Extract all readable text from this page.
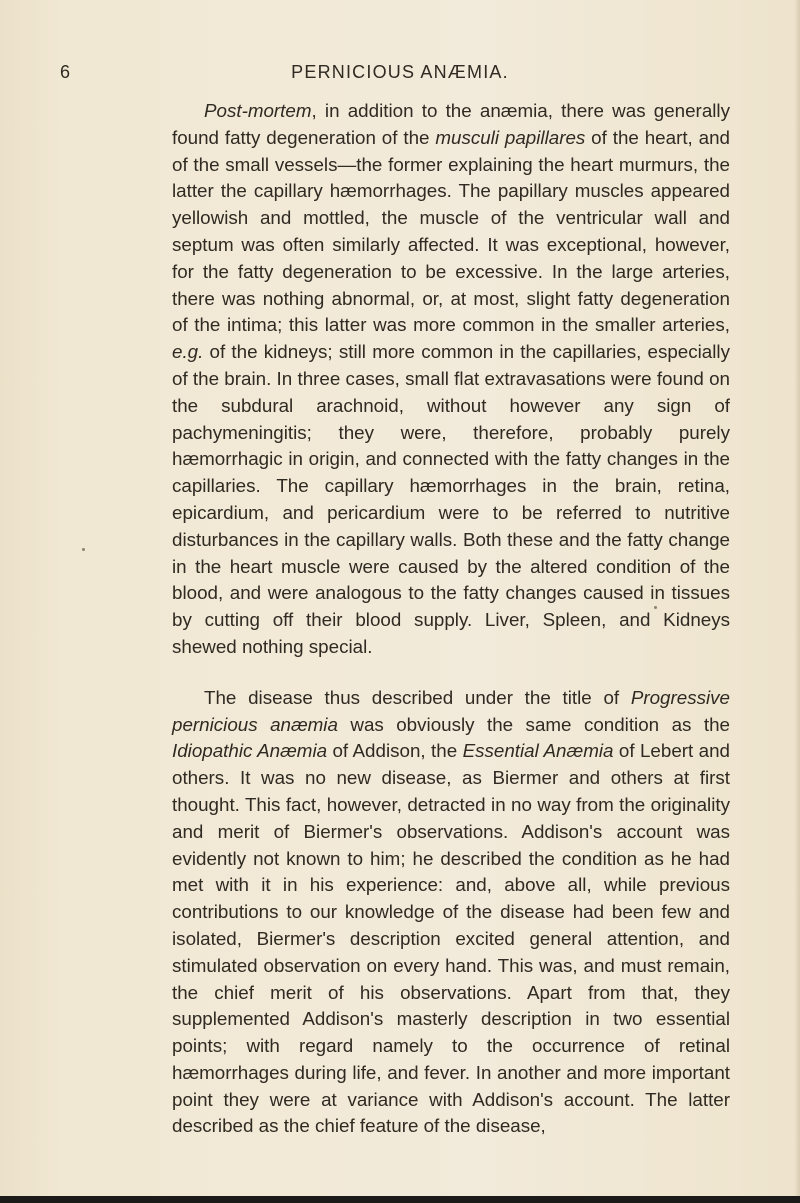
6	PERNICIOUS ANÆMIA.

Post-mortem, in addition to the anæmia, there was generally found fatty degeneration of the musculi papillares of the heart, and of the small vessels—the former explaining the heart murmurs, the latter the capillary hæmorrhages. The papillary muscles appeared yellowish and mottled, the muscle of the ventricular wall and septum was often similarly affected. It was exceptional, however, for the fatty degeneration to be excessive. In the large arteries, there was nothing abnormal, or, at most, slight fatty degeneration of the intima; this latter was more common in the smaller arteries, e.g. of the kidneys; still more common in the capillaries, especially of the brain. In three cases, small flat extravasations were found on the subdural arachnoid, without however any sign of pachymeningitis; they were, therefore, probably purely hæmorrhagic in origin, and connected with the fatty changes in the capillaries. The capillary hæmorrhages in the brain, retina, epicardium, and pericardium were to be referred to nutritive disturbances in the capillary walls. Both these and the fatty change in the heart muscle were caused by the altered condition of the blood, and were analogous to the fatty changes caused in tissues by cutting off their blood supply. Liver, Spleen, and Kidneys shewed nothing special.

The disease thus described under the title of Progressive pernicious anæmia was obviously the same condition as the Idiopathic Anæmia of Addison, the Essential Anæmia of Lebert and others. It was no new disease, as Biermer and others at first thought. This fact, however, detracted in no way from the originality and merit of Biermer's observations. Addison's account was evidently not known to him; he described the condition as he had met with it in his experience: and, above all, while previous contributions to our knowledge of the disease had been few and isolated, Biermer's description excited general attention, and stimulated observation on every hand. This was, and must remain, the chief merit of his observations. Apart from that, they supplemented Addison's masterly description in two essential points; with regard namely to the occurrence of retinal hæmorrhages during life, and fever. In another and more important point they were at variance with Addison's account. The latter described as the chief feature of the disease,
